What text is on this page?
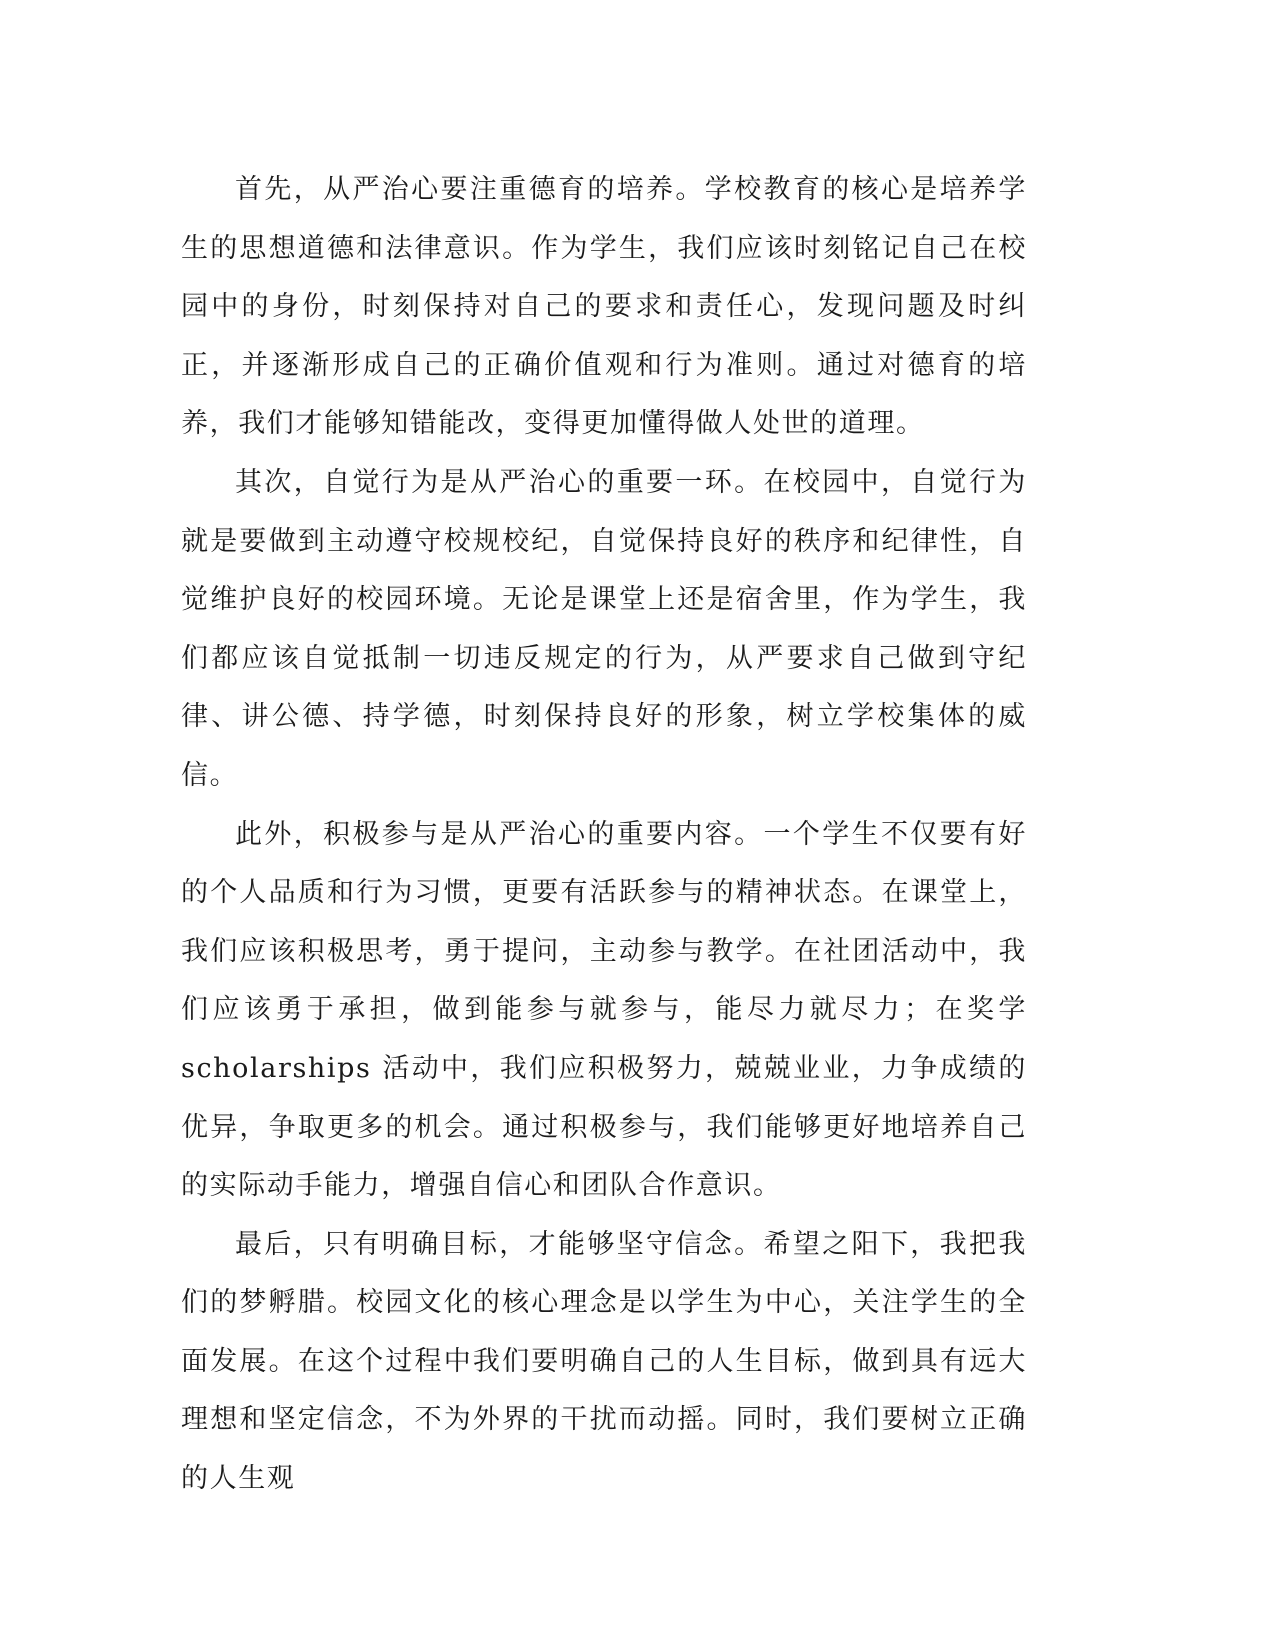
首先，从严治心要注重德育的培养。学校教育的核心是培养学生的思想道德和法律意识。作为学生，我们应该时刻铭记自己在校园中的身份，时刻保持对自己的要求和责任心，发现问题及时纠正，并逐渐形成自己的正确价值观和行为准则。通过对德育的培养，我们才能够知错能改，变得更加懂得做人处世的道理。

其次，自觉行为是从严治心的重要一环。在校园中，自觉行为就是要做到主动遵守校规校纪，自觉保持良好的秩序和纪律性，自觉维护良好的校园环境。无论是课堂上还是宿舍里，作为学生，我们都应该自觉抵制一切违反规定的行为，从严要求自己做到守纪律、讲公德、持学德，时刻保持良好的形象，树立学校集体的威信。

此外，积极参与是从严治心的重要内容。一个学生不仅要有好的个人品质和行为习惯，更要有活跃参与的精神状态。在课堂上，我们应该积极思考，勇于提问，主动参与教学。在社团活动中，我们应该勇于承担，做到能参与就参与，能尽力就尽力；在奖学 scholarships 活动中，我们应积极努力，兢兢业业，力争成绩的优异，争取更多的机会。通过积极参与，我们能够更好地培养自己的实际动手能力，增强自信心和团队合作意识。

最后，只有明确目标，才能够坚守信念。希望之阳下，我把我们的梦孵腊。校园文化的核心理念是以学生为中心，关注学生的全面发展。在这个过程中我们要明确自己的人生目标，做到具有远大理想和坚定信念，不为外界的干扰而动摇。同时，我们要树立正确的人生观
